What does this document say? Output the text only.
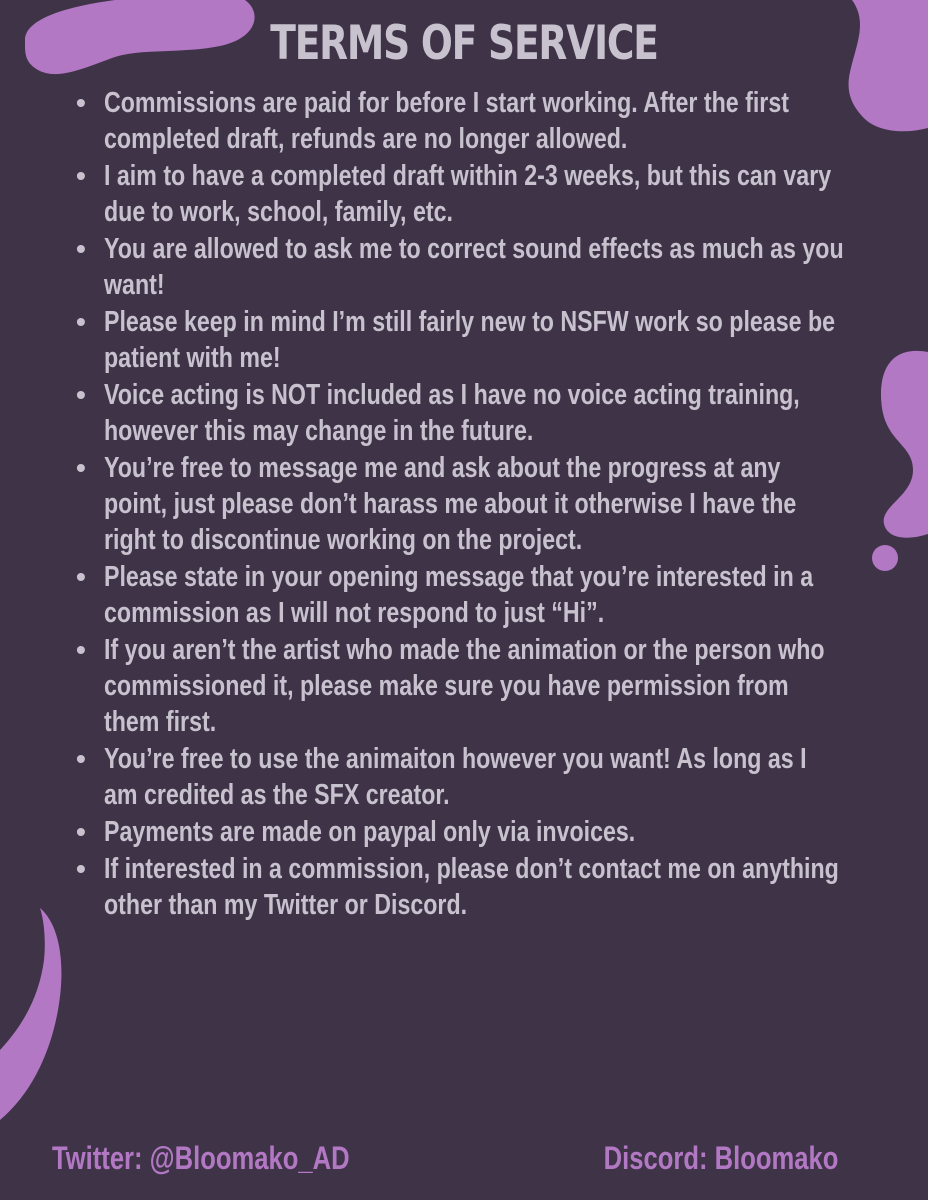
TERMS OF SERVICE
• Commissions are paid for before I start working. After the first
completed draft, refunds are no longer allowed.
• I aim to have a completed draft within 2-3 weeks, but this can vary
due to work, school, family, etc.
• You are allowed to ask me to correct sound effects as much as you
want!
• Please keep in mind I’m still fairly new to NSFW work so please be
patient with me!
• Voice acting is NOT included as I have no voice acting training,
however this may change in the future.
• You’re free to message me and ask about the progress at any
point, just please don’t harass me about it otherwise I have the
right to discontinue working on the project.
• Please state in your opening message that you’re interested in a
commission as I will not respond to just “Hi”.
• If you aren’t the artist who made the animation or the person who
commissioned it, please make sure you have permission from
them first.
• You’re free to use the animaiton however you want! As long as I
am credited as the SFX creator.
• Payments are made on paypal only via invoices.
• If interested in a commission, please don’t contact me on anything
other than my Twitter or Discord.
Twitter: @Bloomako_AD	Discord: Bloomako
